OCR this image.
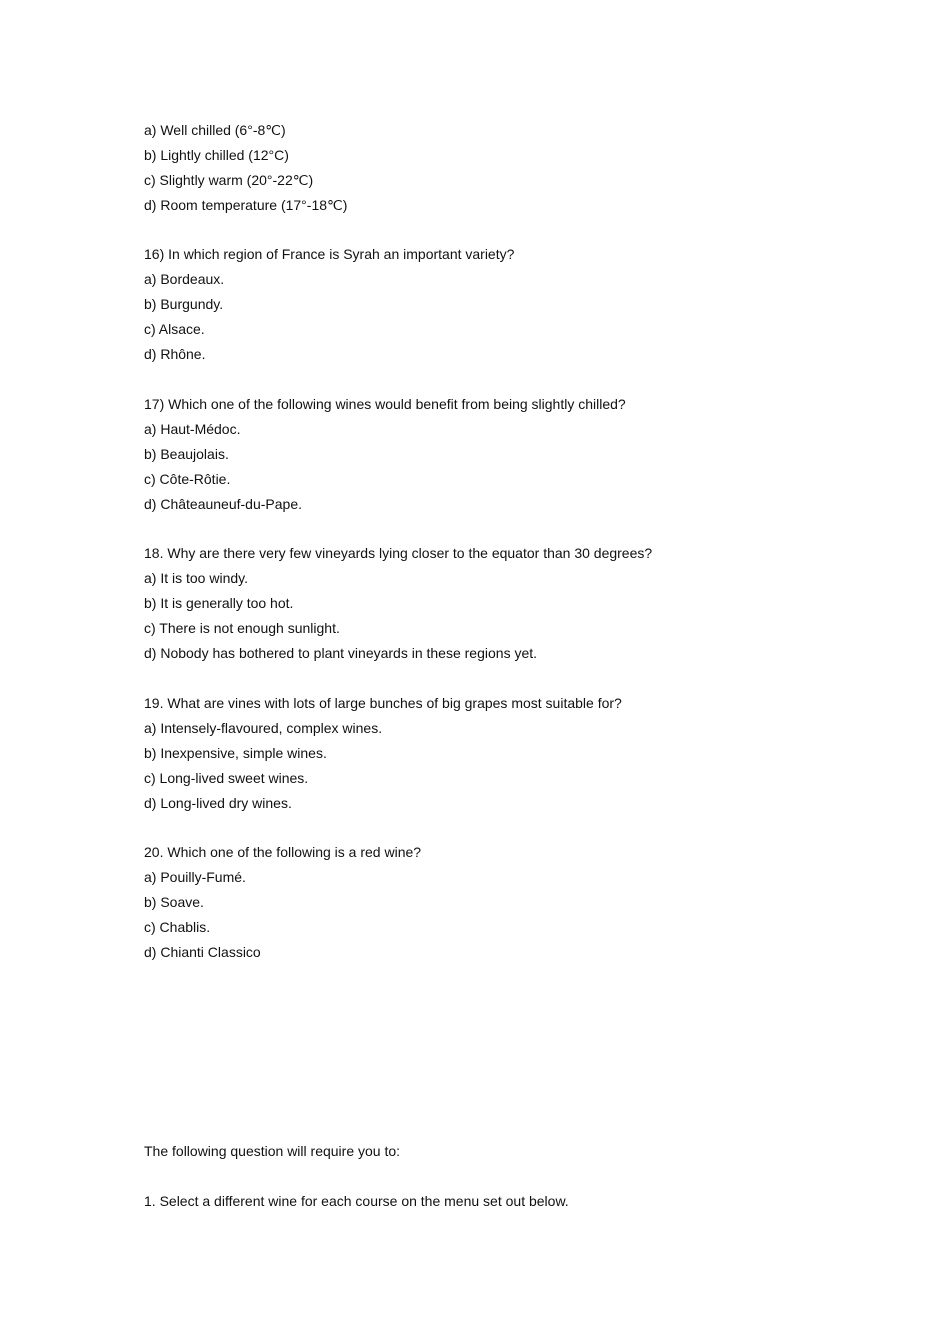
a) Well chilled (6°-8℃)
b) Lightly chilled (12°C)
c) Slightly warm (20°-22℃)
d) Room temperature (17°-18℃)
16) In which region of France is Syrah an important variety?
a) Bordeaux.
b) Burgundy.
c) Alsace.
d) Rhône.
17) Which one of the following wines would benefit from being slightly chilled?
a) Haut-Médoc.
b) Beaujolais.
c) Côte-Rôtie.
d) Châteauneuf-du-Pape.
18. Why are there very few vineyards lying closer to the equator than 30 degrees?
a) It is too windy.
b) It is generally too hot.
c) There is not enough sunlight.
d) Nobody has bothered to plant vineyards in these regions yet.
19. What are vines with lots of large bunches of big grapes most suitable for?
a) Intensely-flavoured, complex wines.
b) Inexpensive, simple wines.
c) Long-lived sweet wines.
d) Long-lived dry wines.
20. Which one of the following is a red wine?
a) Pouilly-Fumé.
b) Soave.
c) Chablis.
d) Chianti Classico
The following question will require you to:
1. Select a different wine for each course on the menu set out below.
